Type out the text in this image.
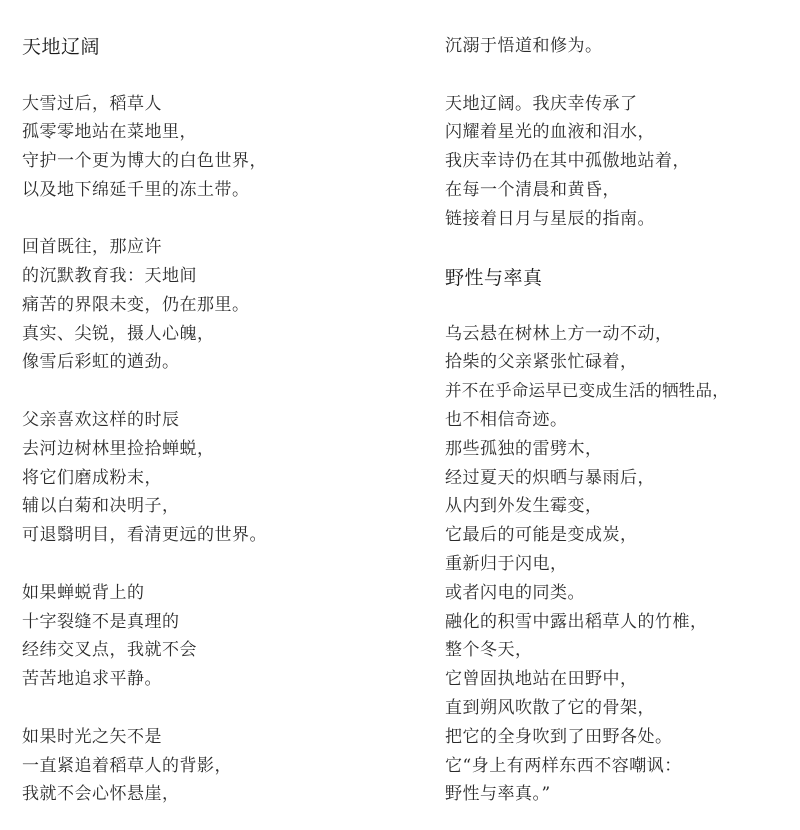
天地辽阔
大雪过后，稻草人
孤零零地站在菜地里，
守护一个更为博大的白色世界，
以及地下绵延千里的冻土带。
回首既往，那应许
的沉默教育我：天地间
痛苦的界限未变，仍在那里。
真实、尖锐，摄人心魄，
像雪后彩虹的遒劲。
父亲喜欢这样的时辰
去河边树林里捡拾蝉蜕，
将它们磨成粉末，
辅以白菊和决明子，
可退翳明目，看清更远的世界。
如果蝉蜕背上的
十字裂缝不是真理的
经纬交叉点，我就不会
苦苦地追求平静。
如果时光之矢不是
一直紧追着稻草人的背影，
我就不会心怀悬崖，
沉溺于悟道和修为。
天地辽阔。我庆幸传承了
闪耀着星光的血液和泪水，
我庆幸诗仍在其中孤傲地站着，
在每一个清晨和黄昏，
链接着日月与星辰的指南。
野性与率真
乌云悬在树林上方一动不动，
拾柴的父亲紧张忙碌着，
并不在乎命运早已变成生活的牺牲品，
也不相信奇迹。
那些孤独的雷劈木，
经过夏天的炽晒与暴雨后，
从内到外发生霉变，
它最后的可能是变成炭，
重新归于闪电，
或者闪电的同类。
融化的积雪中露出稻草人的竹椎，
整个冬天，
它曾固执地站在田野中，
直到朔风吹散了它的骨架，
把它的全身吹到了田野各处。
它“身上有两样东西不容嘲讽：
野性与率真。”
